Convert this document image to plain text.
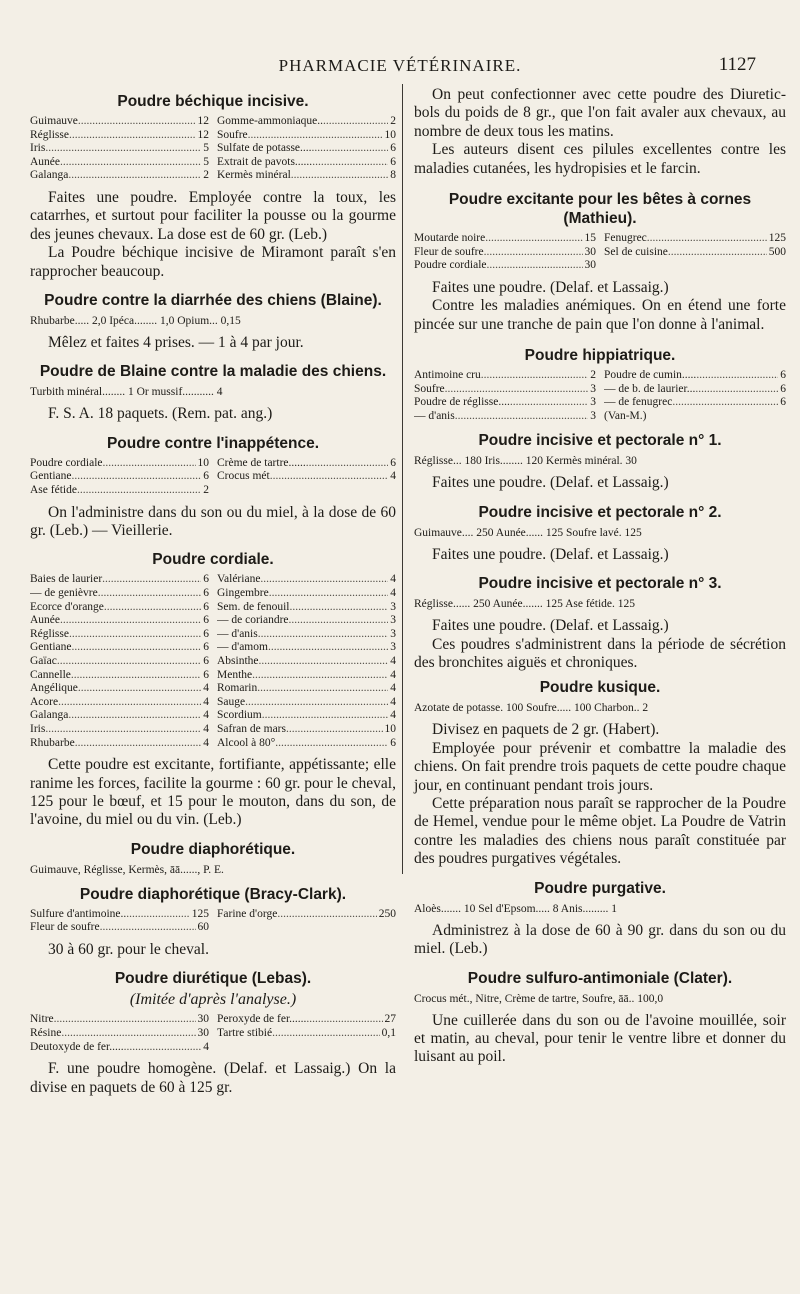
PHARMACIE VÉTÉRINAIRE.	1127
Poudre béchique incisive.
Guimauve .....	12 Gomme-ammoniaque.. .....	2
Réglisse .....	12 Soufre .....	10
Iris .....	5 Sulfate de potasse.... .....	6
Aunée .....	5 Extrait de pavots...... .....	6
Galanga .....	2 Kermès minéral .....	8

Faites une poudre. Employée contre la toux, les catarrhes, et surtout pour faciliter la pousse ou la gourme des jeunes chevaux. La dose est de 60 gr. (Leb.)

La Poudre béchique incisive de Miramont paraît s'en rapprocher beaucoup.

Poudre contre la diarrhée des chiens (Blaine).
Rhubarbe..... 2,0 Ipéca........ 1,0 Opium... 0,15

Mêlez et faites 4 prises. — 1 à 4 par jour.

Poudre de Blaine contre la maladie des chiens.
Turbith minéral........ 1 Or mussif........... 4

F. S. A. 18 paquets. (Rem. pat. ang.)

Poudre contre l'inappétence.
Poudre cordiale .....	10 Crème de tartre...... .....	6
Gentiane .....	6 Crocus mét .....	4
Ase fétide .....	2

On l'administre dans du son ou du miel, à la dose de 60 gr. (Leb.) — Vieillerie.

Poudre cordiale.
Baies de laurier .....	6 Valériane .....	4
— de genièvre .....	6 Gingembre .....	4
Ecorce d'orange .....	6 Sem. de fenouil .....	3
Aunée .....	6 — de coriandre .....	3
Réglisse .....	6 — d'anis .....	3
Gentiane .....	6 — d'amom .....	3
Gaïac .....	6 Absinthe .....	4
Cannelle .....	6 Menthe .....	4
Angélique .....	4 Romarin .....	4
Acore .....	4 Sauge .....	4
Galanga .....	4 Scordium .....	4
Iris .....	4 Safran de mars .....	10
Rhubarbe .....	4 Alcool à 80° .....	6

Cette poudre est excitante, fortifiante, appétissante; elle ranime les forces, facilite la gourme : 60 gr. pour le cheval, 125 pour le bœuf, et 15 pour le mouton, dans du son, de l'avoine, du miel ou du vin. (Leb.)

Poudre diaphorétique.
Guimauve, Réglisse, Kermès, āā......, P. E.
Poudre diaphorétique (Bracy-Clark).
Sulfure d'antimoine.. .....	125 Farine d'orge .....	250
Fleur de soufre .....	60

30 à 60 gr. pour le cheval.

Poudre diurétique (Lebas).
(Imitée d'après l'analyse.)
Nitre .....	30 Peroxyde de fer...... .....	27
Résine .....	30 Tartre stibié .....	0,1
Deutoxyde de fer..... .....	4

F. une poudre homogène. (Delaf. et Lassaig.) On la divise en paquets de 60 à 125 gr.

On peut confectionner avec cette poudre des Diuretic-bols du poids de 8 gr., que l'on fait avaler aux chevaux, au nombre de deux tous les matins.

Les auteurs disent ces pilules excellentes contre les maladies cutanées, les hydropisies et le farcin.

Poudre excitante pour les bêtes à cornes (Mathieu).
Moutarde noire .....	15 Fenugrec .....	125
Fleur de soufre .....	30 Sel de cuisine .....	500
Poudre cordiale .....	30

Faites une poudre. (Delaf. et Lassaig.)

Contre les maladies anémiques. On en étend une forte pincée sur une tranche de pain que l'on donne à l'animal.

Poudre hippiatrique.
Antimoine cru .....	2 Poudre de cumin..... .....	6
Soufre .....	3 — de b. de laurier... .....	6
Poudre de réglisse.... .....	3 — de fenugrec .....	6
— d'anis .....	3 (Van-M.)
Poudre incisive et pectorale n° 1.
Réglisse... 180 Iris........ 120 Kermès minéral. 30

Faites une poudre. (Delaf. et Lassaig.)

Poudre incisive et pectorale n° 2.
Guimauve.... 250 Aunée...... 125 Soufre lavé. 125

Faites une poudre. (Delaf. et Lassaig.)

Poudre incisive et pectorale n° 3.
Réglisse...... 250 Aunée....... 125 Ase fétide. 125

Faites une poudre. (Delaf. et Lassaig.)

Ces poudres s'administrent dans la période de sécrétion des bronchites aiguës et chroniques.

Poudre kusique.
Azotate de potasse. 100 Soufre..... 100 Charbon.. 2

Divisez en paquets de 2 gr. (Habert).

Employée pour prévenir et combattre la maladie des chiens. On fait prendre trois paquets de cette poudre chaque jour, en continuant pendant trois jours.

Cette préparation nous paraît se rapprocher de la Poudre de Hemel, vendue pour le même objet. La Poudre de Vatrin contre les maladies des chiens nous paraît constituée par des poudres purgatives végétales.

Poudre purgative.
Aloès....... 10 Sel d'Epsom..... 8 Anis......... 1

Administrez à la dose de 60 à 90 gr. dans du son ou du miel. (Leb.)

Poudre sulfuro-antimoniale (Clater).
Crocus mét., Nitre, Crème de tartre, Soufre, āā.. 100,0

Une cuillerée dans du son ou de l'avoine mouillée, soir et matin, au cheval, pour tenir le ventre libre et donner du luisant au poil.
